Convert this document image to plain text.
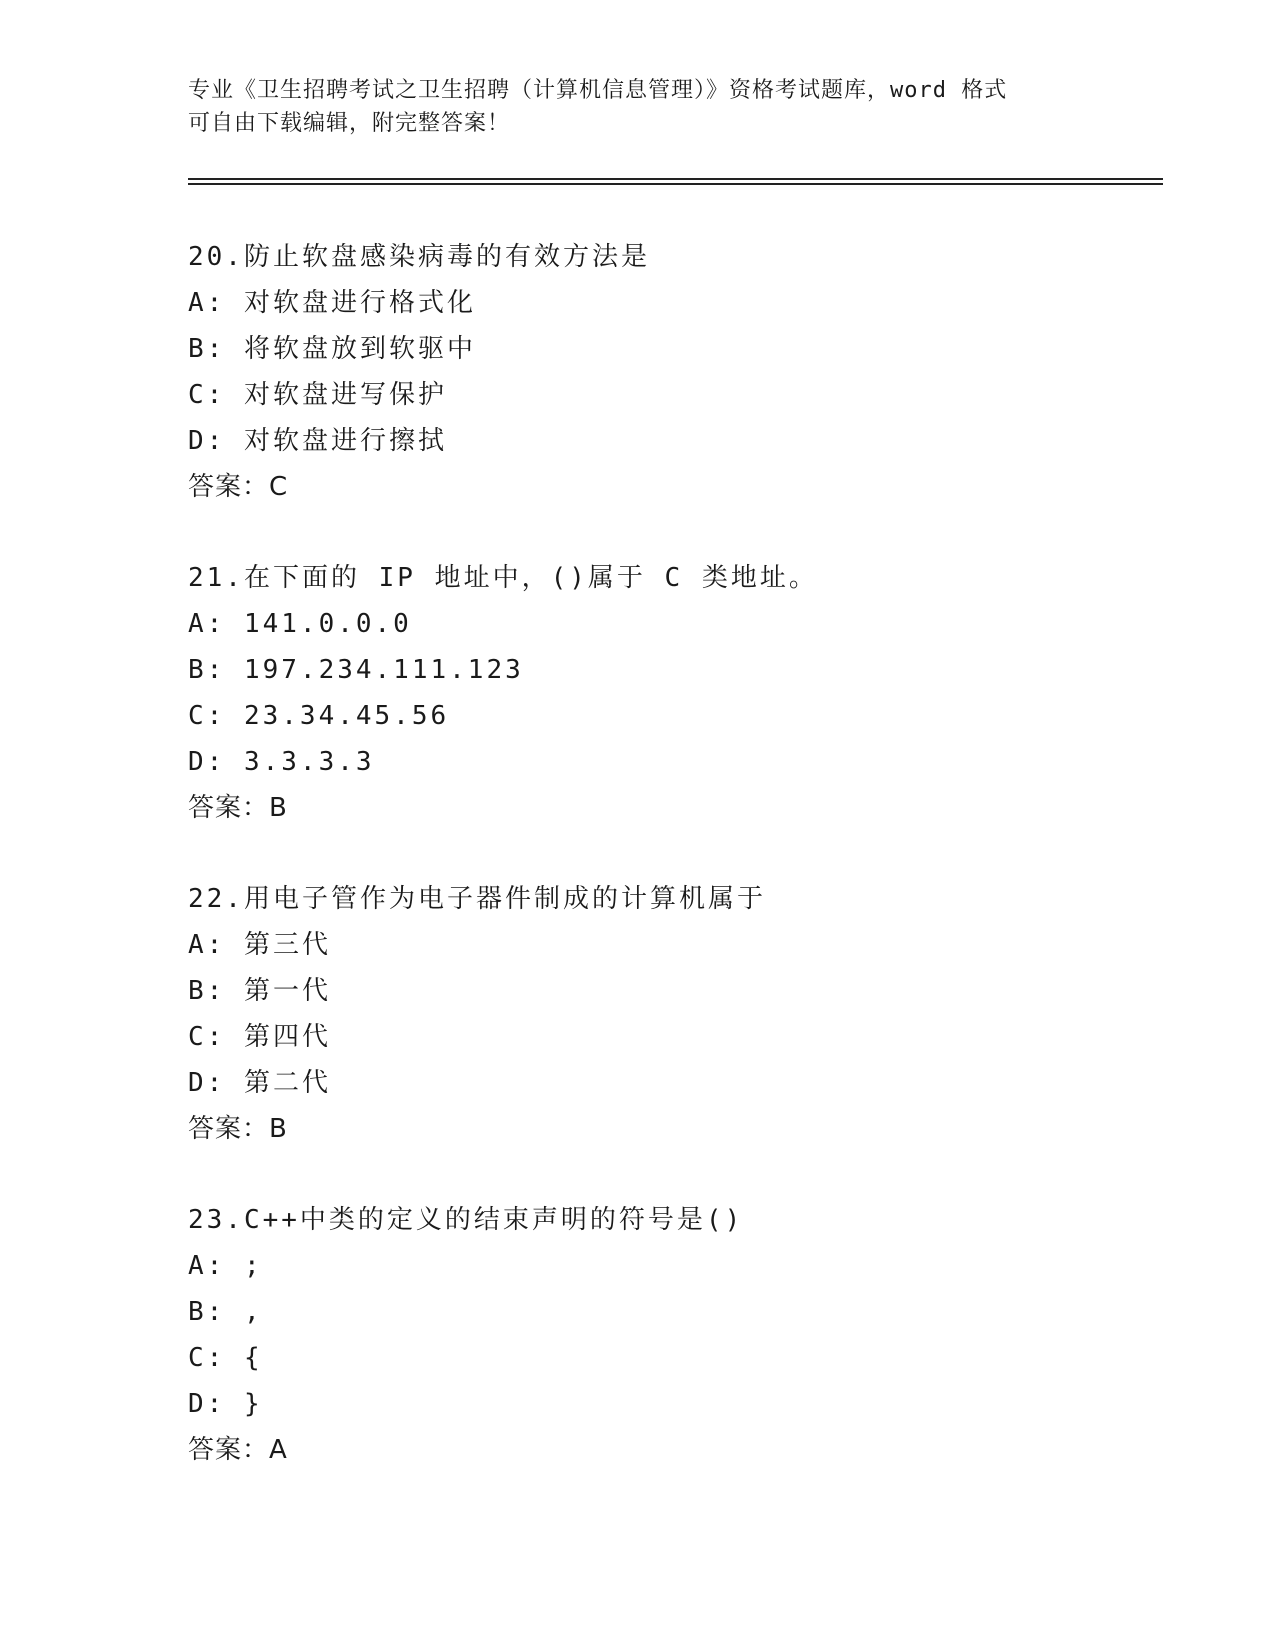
专业《卫生招聘考试之卫生招聘（计算机信息管理）》资格考试题库，word 格式
可自由下载编辑，附完整答案！
20.防止软盘感染病毒的有效方法是
A: 对软盘进行格式化
B: 将软盘放到软驱中
C: 对软盘进写保护
D: 对软盘进行擦拭
答案：C
21.在下面的 IP 地址中，()属于 C 类地址。
A: 141.0.0.0
B: 197.234.111.123
C: 23.34.45.56
D: 3.3.3.3
答案：B
22.用电子管作为电子器件制成的计算机属于
A: 第三代
B: 第一代
C: 第四代
D: 第二代
答案：B
23.C++中类的定义的结束声明的符号是()
A: ;
B: ,
C: {
D: }
答案：A
